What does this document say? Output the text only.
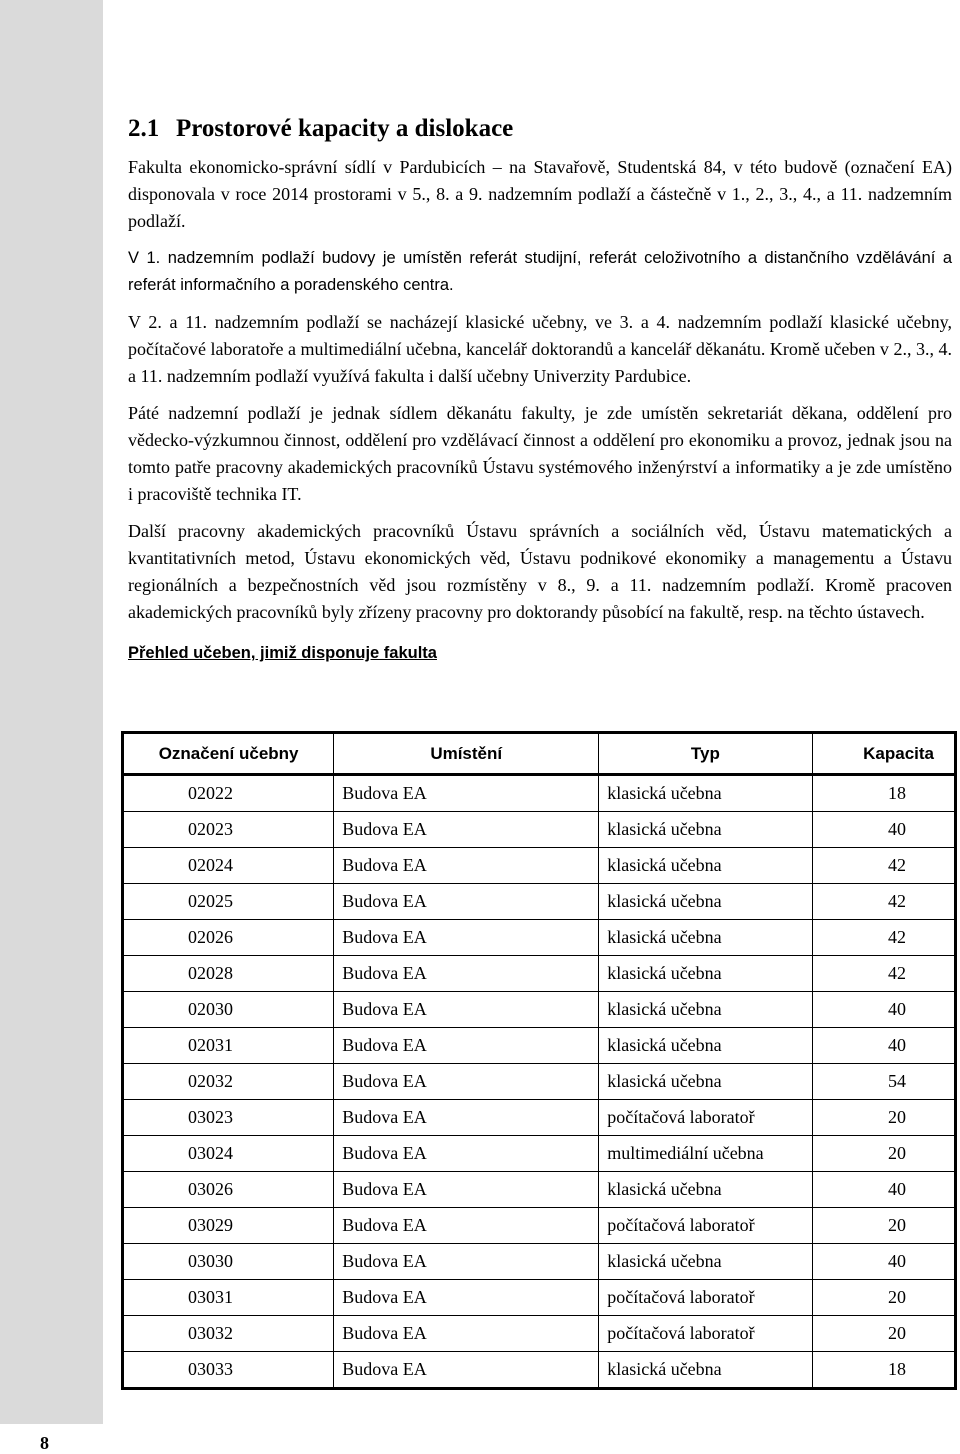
8
2.1 Prostorové kapacity a dislokace

Fakulta ekonomicko-správní sídlí v Pardubicích – na Stavařově, Studentská 84, v této budově (označení EA) disponovala v roce 2014 prostorami v 5., 8. a 9. nadzemním podlaží a částečně v 1., 2., 3., 4., a 11. nadzemním podlaží.

V 1. nadzemním podlaží budovy je umístěn referát studijní, referát celoživotního a distančního vzdělávání a referát informačního a poradenského centra.

V 2. a 11. nadzemním podlaží se nacházejí klasické učebny, ve 3. a 4. nadzemním podlaží klasické učebny, počítačové laboratoře a multimediální učebna, kancelář doktorandů a kancelář děkanátu. Kromě učeben v 2., 3., 4. a 11. nadzemním podlaží využívá fakulta i další učebny Univerzity Pardubice.

Páté nadzemní podlaží je jednak sídlem děkanátu fakulty, je zde umístěn sekretariát děkana, oddělení pro vědecko-výzkumnou činnost, oddělení pro vzdělávací činnost a oddělení pro ekonomiku a provoz, jednak jsou na tomto patře pracovny akademických pracovníků Ústavu systémového inženýrství a informatiky a je zde umístěno i pracoviště technika IT.

Další pracovny akademických pracovníků Ústavu správních a sociálních věd, Ústavu matematických a kvantitativních metod, Ústavu ekonomických věd, Ústavu podnikové ekonomiky a managementu a Ústavu regionálních a bezpečnostních věd jsou rozmístěny v 8., 9. a 11. nadzemním podlaží. Kromě pracoven akademických pracovníků byly zřízeny pracovny pro doktorandy působící na fakultě, resp. na těchto ústavech.

Přehled učeben, jimiž disponuje fakulta
Označení učebny	Umístění	Typ	Kapacita
02022	Budova EA	klasická učebna	18
02023	Budova EA	klasická učebna	40
02024	Budova EA	klasická učebna	42
02025	Budova EA	klasická učebna	42
02026	Budova EA	klasická učebna	42
02028	Budova EA	klasická učebna	42
02030	Budova EA	klasická učebna	40
02031	Budova EA	klasická učebna	40
02032	Budova EA	klasická učebna	54
03023	Budova EA	počítačová laboratoř	20
03024	Budova EA	multimediální učebna	20
03026	Budova EA	klasická učebna	40
03029	Budova EA	počítačová laboratoř	20
03030	Budova EA	klasická učebna	40
03031	Budova EA	počítačová laboratoř	20
03032	Budova EA	počítačová laboratoř	20
03033	Budova EA	klasická učebna	18
